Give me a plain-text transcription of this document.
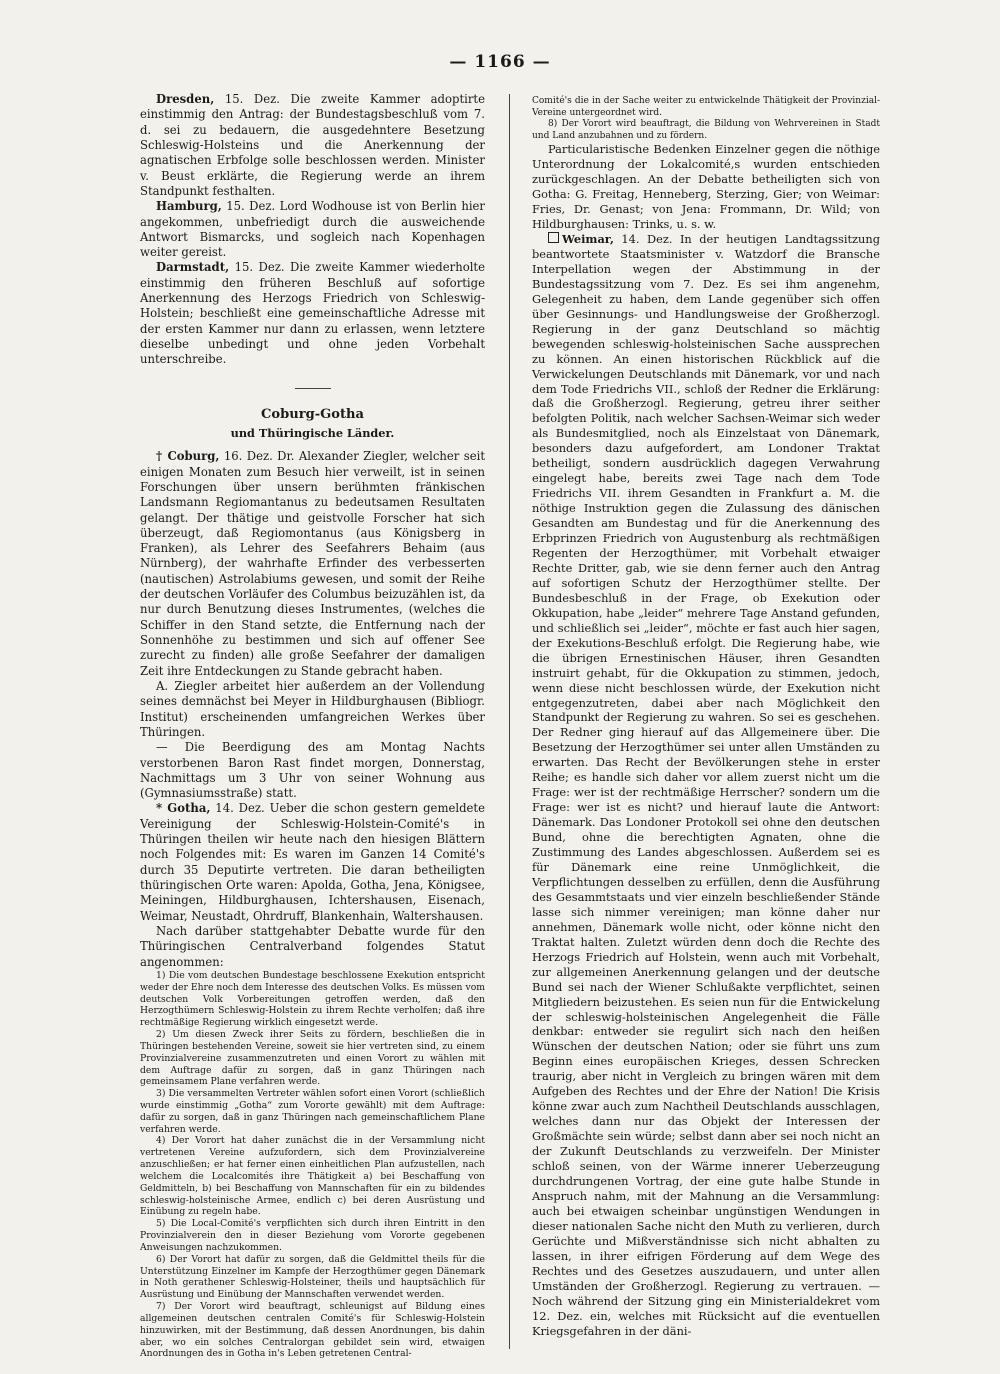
— 1166 —

Dresden, 15. Dez. Die zweite Kammer adoptirte einstimmig den Antrag: der Bundestagsbeschluß vom 7. d. sei zu bedauern, die ausgedehntere Besetzung Schleswig-Holsteins und die Anerkennung der agnatischen Erbfolge solle beschlossen werden. Minister v. Beust erklärte, die Regierung werde an ihrem Standpunkt festhalten.

Hamburg, 15. Dez. Lord Wodhouse ist von Berlin hier angekommen, unbefriedigt durch die ausweichende Antwort Bismarcks, und sogleich nach Kopenhagen weiter gereist.

Darmstadt, 15. Dez. Die zweite Kammer wiederholte einstimmig den früheren Beschluß auf sofortige Anerkennung des Herzogs Friedrich von Schleswig-Holstein; beschließt eine gemeinschaftliche Adresse mit der ersten Kammer nur dann zu erlassen, wenn letztere dieselbe unbedingt und ohne jeden Vorbehalt unterschreibe.

Coburg-Gotha
und Thüringische Länder.

† Coburg, 16. Dez. Dr. Alexander Ziegler, welcher seit einigen Monaten zum Besuch hier verweilt, ist in seinen Forschungen über unsern berühmten fränkischen Landsmann Regiomantanus zu bedeutsamen Resultaten gelangt. Der thätige und geistvolle Forscher hat sich überzeugt, daß Regiomontanus (aus Königsberg in Franken), als Lehrer des Seefahrers Behaim (aus Nürnberg), der wahrhafte Erfinder des verbesserten (nautischen) Astrolabiums gewesen, und somit der Reihe der deutschen Vorläufer des Columbus beizuzählen ist, da nur durch Benutzung dieses Instrumentes, (welches die Schiffer in den Stand setzte, die Entfernung nach der Sonnenhöhe zu bestimmen und sich auf offener See zurecht zu finden) alle große Seefahrer der damaligen Zeit ihre Entdeckungen zu Stande gebracht haben.

A. Ziegler arbeitet hier außerdem an der Vollendung seines demnächst bei Meyer in Hildburghausen (Bibliogr. Institut) erscheinenden umfangreichen Werkes über Thüringen.

— Die Beerdigung des am Montag Nachts verstorbenen Baron Rast findet morgen, Donnerstag, Nachmittags um 3 Uhr von seiner Wohnung aus (Gymnasiumsstraße) statt.

* Gotha, 14. Dez. Ueber die schon gestern gemeldete Vereinigung der Schleswig-Holstein-Comité's in Thüringen theilen wir heute nach den hiesigen Blättern noch Folgendes mit: Es waren im Ganzen 14 Comité's durch 35 Deputirte vertreten. Die daran betheiligten thüringischen Orte waren: Apolda, Gotha, Jena, Königsee, Meiningen, Hildburghausen, Ichtershausen, Eisenach, Weimar, Neustadt, Ohrdruff, Blankenhain, Waltershausen.

Nach darüber stattgehabter Debatte wurde für den Thüringischen Centralverband folgendes Statut angenommen:

1) Die vom deutschen Bundestage beschlossene Exekution entspricht weder der Ehre noch dem Interesse des deutschen Volks. Es müssen vom deutschen Volk Vorbereitungen getroffen werden, daß den Herzogthümern Schleswig-Holstein zu ihrem Rechte verholfen; daß ihre rechtmäßige Regierung wirklich eingesetzt werde.

2) Um diesen Zweck ihrer Seits zu fördern, beschließen die in Thüringen bestehenden Vereine, soweit sie hier vertreten sind, zu einem Provinzialvereine zusammenzutreten und einen Vorort zu wählen mit dem Auftrage dafür zu sorgen, daß in ganz Thüringen nach gemeinsamem Plane verfahren werde.

3) Die versammelten Vertreter wählen sofort einen Vorort (schließlich wurde einstimmig „Gotha“ zum Vororte gewählt) mit dem Auftrage: dafür zu sorgen, daß in ganz Thüringen nach gemeinschaftlichem Plane verfahren werde.

4) Der Vorort hat daher zunächst die in der Versammlung nicht vertretenen Vereine aufzufordern, sich dem Provinzialvereine anzuschließen; er hat ferner einen einheitlichen Plan aufzustellen, nach welchem die Localcomités ihre Thätigkeit a) bei Beschaffung von Geldmitteln, b) bei Beschaffung von Mannschaften für ein zu bildendes schleswig-holsteinische Armee, endlich c) bei deren Ausrüstung und Einübung zu regeln habe.

5) Die Local-Comité's verpflichten sich durch ihren Eintritt in den Provinzialverein den in dieser Beziehung vom Vororte gegebenen Anweisungen nachzukommen.

6) Der Vorort hat dafür zu sorgen, daß die Geldmittel theils für die Unterstützung Einzelner im Kampfe der Herzogthümer gegen Dänemark in Noth gerathener Schleswig-Holsteiner, theils und hauptsächlich für Ausrüstung und Einübung der Mannschaften verwendet werden.

7) Der Vorort wird beauftragt, schleunigst auf Bildung eines allgemeinen deutschen centralen Comité's für Schleswig-Holstein hinzuwirken, mit der Bestimmung, daß dessen Anordnungen, bis dahin aber, wo ein solches Centralorgan gebildet sein wird, etwaigen Anordnungen des in Gotha in's Leben getretenen Central-

Comité's die in der Sache weiter zu entwickelnde Thätigkeit der Provinzial-Vereine untergeordnet wird.

8) Der Vorort wird beauftragt, die Bildung von Wehrvereinen in Stadt und Land anzubahnen und zu fördern.

Particularistische Bedenken Einzelner gegen die nöthige Unterordnung der Lokalcomité,s wurden entschieden zurückgeschlagen. An der Debatte betheiligten sich von Gotha: G. Freitag, Henneberg, Sterzing, Gier; von Weimar: Fries, Dr. Genast; von Jena: Frommann, Dr. Wild; von Hildburghausen: Trinks, u. s. w.

Weimar, 14. Dez. In der heutigen Landtagssitzung beantwortete Staatsminister v. Watzdorf die Bransche Interpellation wegen der Abstimmung in der Bundestagssitzung vom 7. Dez. Es sei ihm angenehm, Gelegenheit zu haben, dem Lande gegenüber sich offen über Gesinnungs- und Handlungsweise der Großherzogl. Regierung in der ganz Deutschland so mächtig bewegenden schleswig-holsteinischen Sache aussprechen zu können. An einen historischen Rückblick auf die Verwickelungen Deutschlands mit Dänemark, vor und nach dem Tode Friedrichs VII., schloß der Redner die Erklärung: daß die Großherzogl. Regierung, getreu ihrer seither befolgten Politik, nach welcher Sachsen-Weimar sich weder als Bundesmitglied, noch als Einzelstaat von Dänemark, besonders dazu aufgefordert, am Londoner Traktat betheiligt, sondern ausdrücklich dagegen Verwahrung eingelegt habe, bereits zwei Tage nach dem Tode Friedrichs VII. ihrem Gesandten in Frankfurt a. M. die nöthige Instruktion gegen die Zulassung des dänischen Gesandten am Bundestag und für die Anerkennung des Erbprinzen Friedrich von Augustenburg als rechtmäßigen Regenten der Herzogthümer, mit Vorbehalt etwaiger Rechte Dritter, gab, wie sie denn ferner auch den Antrag auf sofortigen Schutz der Herzogthümer stellte. Der Bundesbeschluß in der Frage, ob Exekution oder Okkupation, habe „leider“ mehrere Tage Anstand gefunden, und schließlich sei „leider“, möchte er fast auch hier sagen, der Exekutions-Beschluß erfolgt. Die Regierung habe, wie die übrigen Ernestinischen Häuser, ihren Gesandten instruirt gehabt, für die Okkupation zu stimmen, jedoch, wenn diese nicht beschlossen würde, der Exekution nicht entgegenzutreten, dabei aber nach Möglichkeit den Standpunkt der Regierung zu wahren. So sei es geschehen. Der Redner ging hierauf auf das Allgemeinere über. Die Besetzung der Herzogthümer sei unter allen Umständen zu erwarten. Das Recht der Bevölkerungen stehe in erster Reihe; es handle sich daher vor allem zuerst nicht um die Frage: wer ist der rechtmäßige Herrscher? sondern um die Frage: wer ist es nicht? und hierauf laute die Antwort: Dänemark. Das Londoner Protokoll sei ohne den deutschen Bund, ohne die berechtigten Agnaten, ohne die Zustimmung des Landes abgeschlossen. Außerdem sei es für Dänemark eine reine Unmöglichkeit, die Verpflichtungen desselben zu erfüllen, denn die Ausführung des Gesammtstaats und vier einzeln beschließender Stände lasse sich nimmer vereinigen; man könne daher nur annehmen, Dänemark wolle nicht, oder könne nicht den Traktat halten. Zuletzt würden denn doch die Rechte des Herzogs Friedrich auf Holstein, wenn auch mit Vorbehalt, zur allgemeinen Anerkennung gelangen und der deutsche Bund sei nach der Wiener Schlußakte verpflichtet, seinen Mitgliedern beizustehen. Es seien nun für die Entwickelung der schleswig-holsteinischen Angelegenheit die Fälle denkbar: entweder sie regulirt sich nach den heißen Wünschen der deutschen Nation; oder sie führt uns zum Beginn eines europäischen Krieges, dessen Schrecken traurig, aber nicht in Vergleich zu bringen wären mit dem Aufgeben des Rechtes und der Ehre der Nation! Die Krisis könne zwar auch zum Nachtheil Deutschlands ausschlagen, welches dann nur das Objekt der Interessen der Großmächte sein würde; selbst dann aber sei noch nicht an der Zukunft Deutschlands zu verzweifeln. Der Minister schloß seinen, von der Wärme innerer Ueberzeugung durchdrungenen Vortrag, der eine gute halbe Stunde in Anspruch nahm, mit der Mahnung an die Versammlung: auch bei etwaigen scheinbar ungünstigen Wendungen in dieser nationalen Sache nicht den Muth zu verlieren, durch Gerüchte und Mißverständnisse sich nicht abhalten zu lassen, in ihrer eifrigen Förderung auf dem Wege des Rechtes und des Gesetzes auszudauern, und unter allen Umständen der Großherzogl. Regierung zu vertrauen. — Noch während der Sitzung ging ein Ministerialdekret vom 12. Dez. ein, welches mit Rücksicht auf die eventuellen Kriegsgefahren in der däni-
